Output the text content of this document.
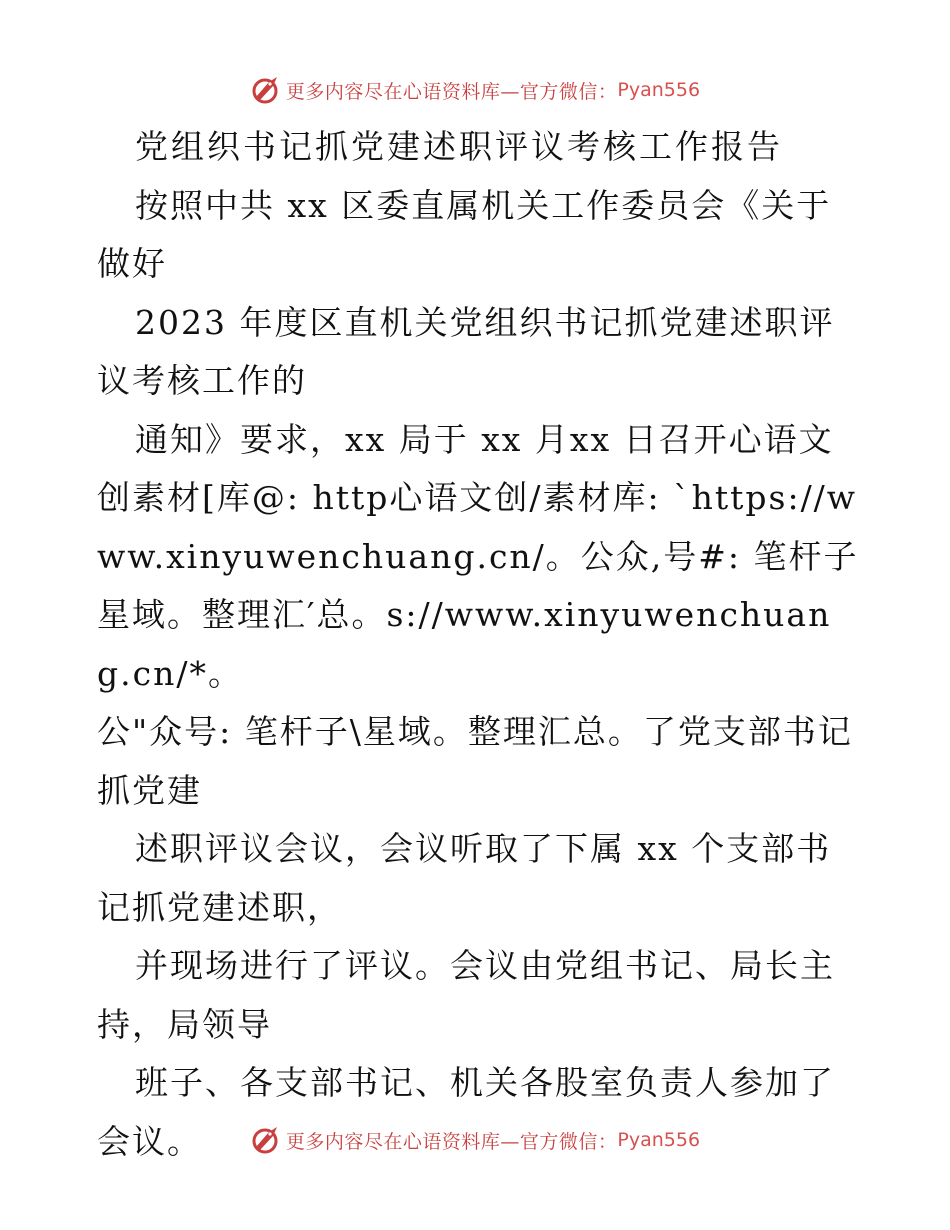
更多内容尽在心语资料库—官方微信： Pyan556

党组织书记抓党建述职评议考核工作报告

按照中共 xx 区委直属机关工作委员会《关于做好

2023 年度区直机关党组织书记抓党建述职评议考核工作的

通知》要求，xx 局于 xx 月xx 日召开心语文创素材[库@: http心语文创/素材库: `https://www.xinyuwenchuang.cn/。公众,号#: 笔杆子星域。整理汇′总。s://www.xinyuwenchuang.cn/*。

公"众号: 笔杆子\星域。整理汇总。了党支部书记抓党建

述职评议会议，会议听取了下属 xx 个支部书记抓党建述职，

并现场进行了评议。会议由党组书记、局长主持，局领导

班子、各支部书记、机关各股室负责人参加了会议。	更多内容尽在心语资料库—官方微信： Pyan556
